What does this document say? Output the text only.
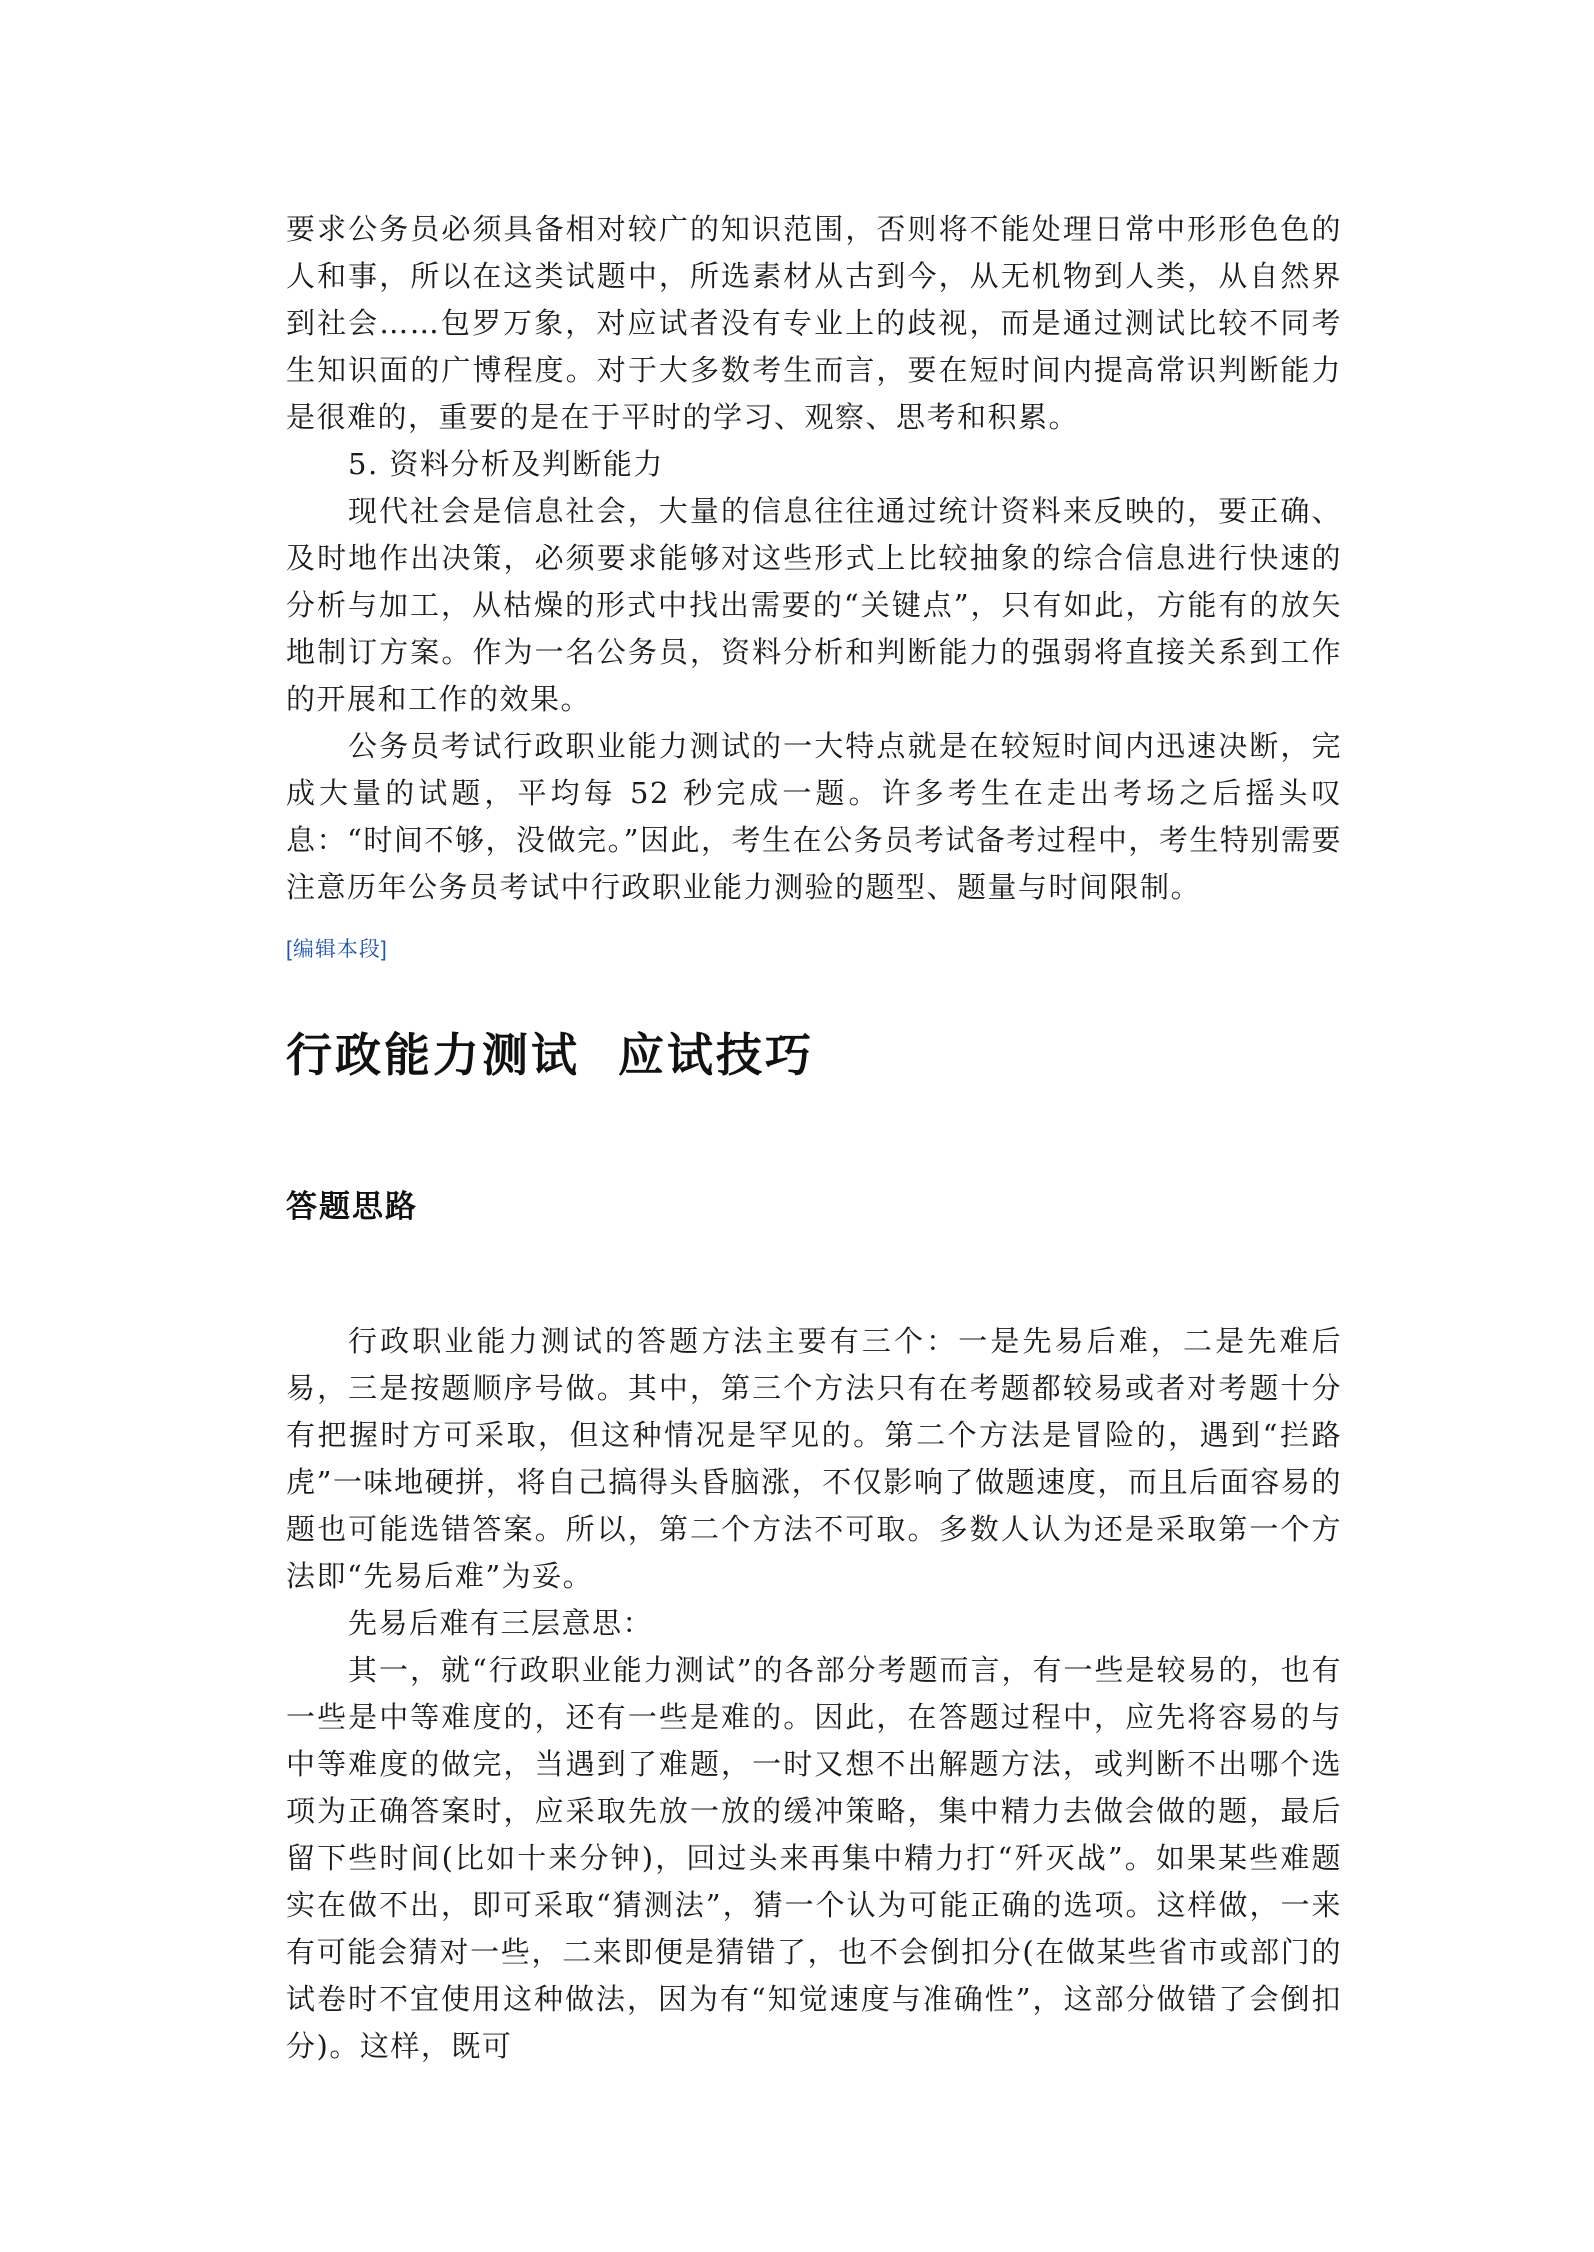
要求公务员必须具备相对较广的知识范围，否则将不能处理日常中形形色色的人和事，所以在这类试题中，所选素材从古到今，从无机物到人类，从自然界到社会……包罗万象，对应试者没有专业上的歧视，而是通过测试比较不同考生知识面的广博程度。对于大多数考生而言，要在短时间内提高常识判断能力是很难的，重要的是在于平时的学习、观察、思考和积累。

5. 资料分析及判断能力

现代社会是信息社会，大量的信息往往通过统计资料来反映的，要正确、及时地作出决策，必须要求能够对这些形式上比较抽象的综合信息进行快速的分析与加工，从枯燥的形式中找出需要的“关键点”，只有如此，方能有的放矢地制订方案。作为一名公务员，资料分析和判断能力的强弱将直接关系到工作的开展和工作的效果。

公务员考试行政职业能力测试的一大特点就是在较短时间内迅速决断，完成大量的试题，平均每 52 秒完成一题。许多考生在走出考场之后摇头叹息：“时间不够，没做完。”因此，考生在公务员考试备考过程中，考生特别需要注意历年公务员考试中行政职业能力测验的题型、题量与时间限制。

[编辑本段]
行政能力测试  应试技巧
答题思路

行政职业能力测试的答题方法主要有三个：一是先易后难，二是先难后易，三是按题顺序号做。其中，第三个方法只有在考题都较易或者对考题十分有把握时方可采取，但这种情况是罕见的。第二个方法是冒险的，遇到“拦路虎”一味地硬拼，将自己搞得头昏脑涨，不仅影响了做题速度，而且后面容易的题也可能选错答案。所以，第二个方法不可取。多数人认为还是采取第一个方法即“先易后难”为妥。

先易后难有三层意思：

其一，就“行政职业能力测试”的各部分考题而言，有一些是较易的，也有一些是中等难度的，还有一些是难的。因此，在答题过程中，应先将容易的与中等难度的做完，当遇到了难题，一时又想不出解题方法，或判断不出哪个选项为正确答案时，应采取先放一放的缓冲策略，集中精力去做会做的题，最后留下些时间(比如十来分钟)，回过头来再集中精力打“歼灭战”。如果某些难题实在做不出，即可采取“猜测法”，猜一个认为可能正确的选项。这样做，一来有可能会猜对一些，二来即便是猜错了，也不会倒扣分(在做某些省市或部门的试卷时不宜使用这种做法，因为有“知觉速度与准确性”，这部分做错了会倒扣分)。这样，既可
